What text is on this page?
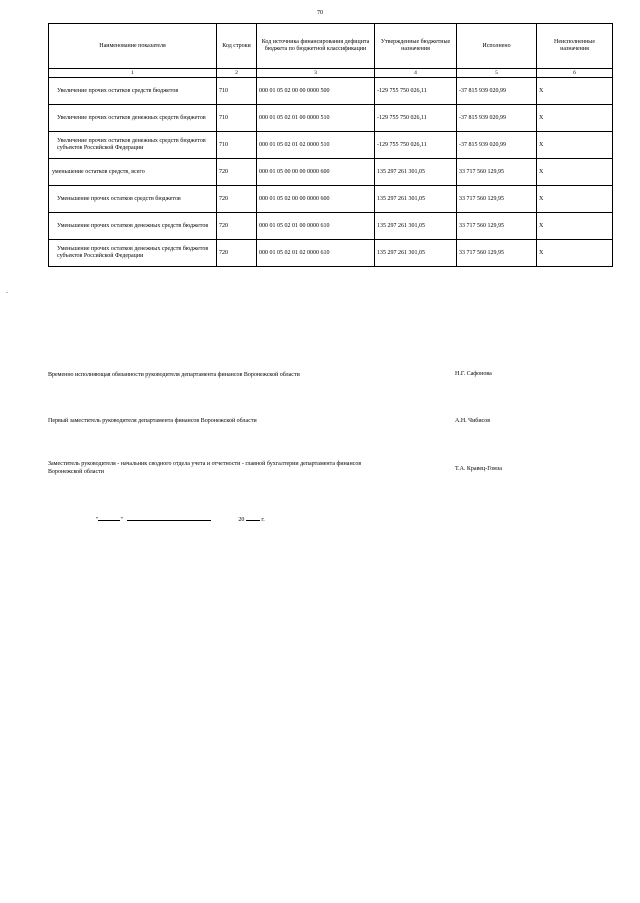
70
Наименование показателя	Код строки	Код источника финансирования дефицита бюджета по бюджетной классификации	Утвержденные бюджетные назначения	Исполнено	Неисполненные назначения
1	2	3	4	5	6
Увеличение прочих остатков средств бюджетов	710	000 01 05 02 00 00 0000 500	-129 755 750 026,11	-37 815 939 020,99	X
Увеличение прочих остатков денежных средств бюджетов	710	000 01 05 02 01 00 0000 510	-129 755 750 026,11	-37 815 939 020,99	X
Увеличение прочих остатков денежных средств бюджетов субъектов Российской Федерации	710	000 01 05 02 01 02 0000 510	-129 755 750 026,11	-37 815 939 020,99	X
уменьшение остатков средств, всего	720	000 01 05 00 00 00 0000 600	135 297 261 301,05	33 717 560 129,95	X
Уменьшение прочих остатков средств бюджетов	720	000 01 05 02 00 00 0000 600	135 297 261 301,05	33 717 560 129,95	X
Уменьшение прочих остатков денежных средств бюджетов	720	000 01 05 02 01 00 0000 610	135 297 261 301,05	33 717 560 129,95	X
Уменьшение прочих остатков денежных средств бюджетов субъектов Российской Федерации	720	000 01 05 02 01 02 0000 610	135 297 261 301,05	33 717 560 129,95	X
Временно исполняющая обязанности руководителя департамента финансов Воронежской области	Н.Г. Сафонова
Первый заместитель руководителя департамента финансов Воронежской области	А.Н. Чибисов
Заместитель руководителя - начальник сводного отдела учета и отчетности - главной бухгалтерии департамента финансов Воронежской области
Т.А. Кравец-Гомза
"	"	20	г.
